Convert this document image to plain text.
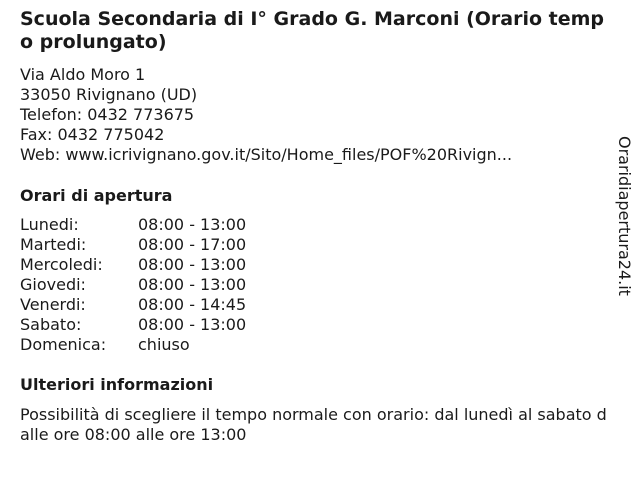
Scuola Secondaria di I° Grado G. Marconi (Orario tempo prolungato)
Via Aldo Moro 1
33050 Rivignano (UD)
Telefon: 0432 773675
Fax: 0432 775042
Web: www.icrivignano.gov.it/Sito/Home_files/POF%20Rivign...
Orari di apertura
Lunedi:	08:00 - 13:00
Martedi:	08:00 - 17:00
Mercoledi:	08:00 - 13:00
Giovedi:	08:00 - 13:00
Venerdi:	08:00 - 14:45
Sabato:	08:00 - 13:00
Domenica:	chiuso
Ulteriori informazioni
Possibilità di scegliere il tempo normale con orario: dal lunedì al sabato dalle ore 08:00 alle ore 13:00
Oraridiapertura24.it
